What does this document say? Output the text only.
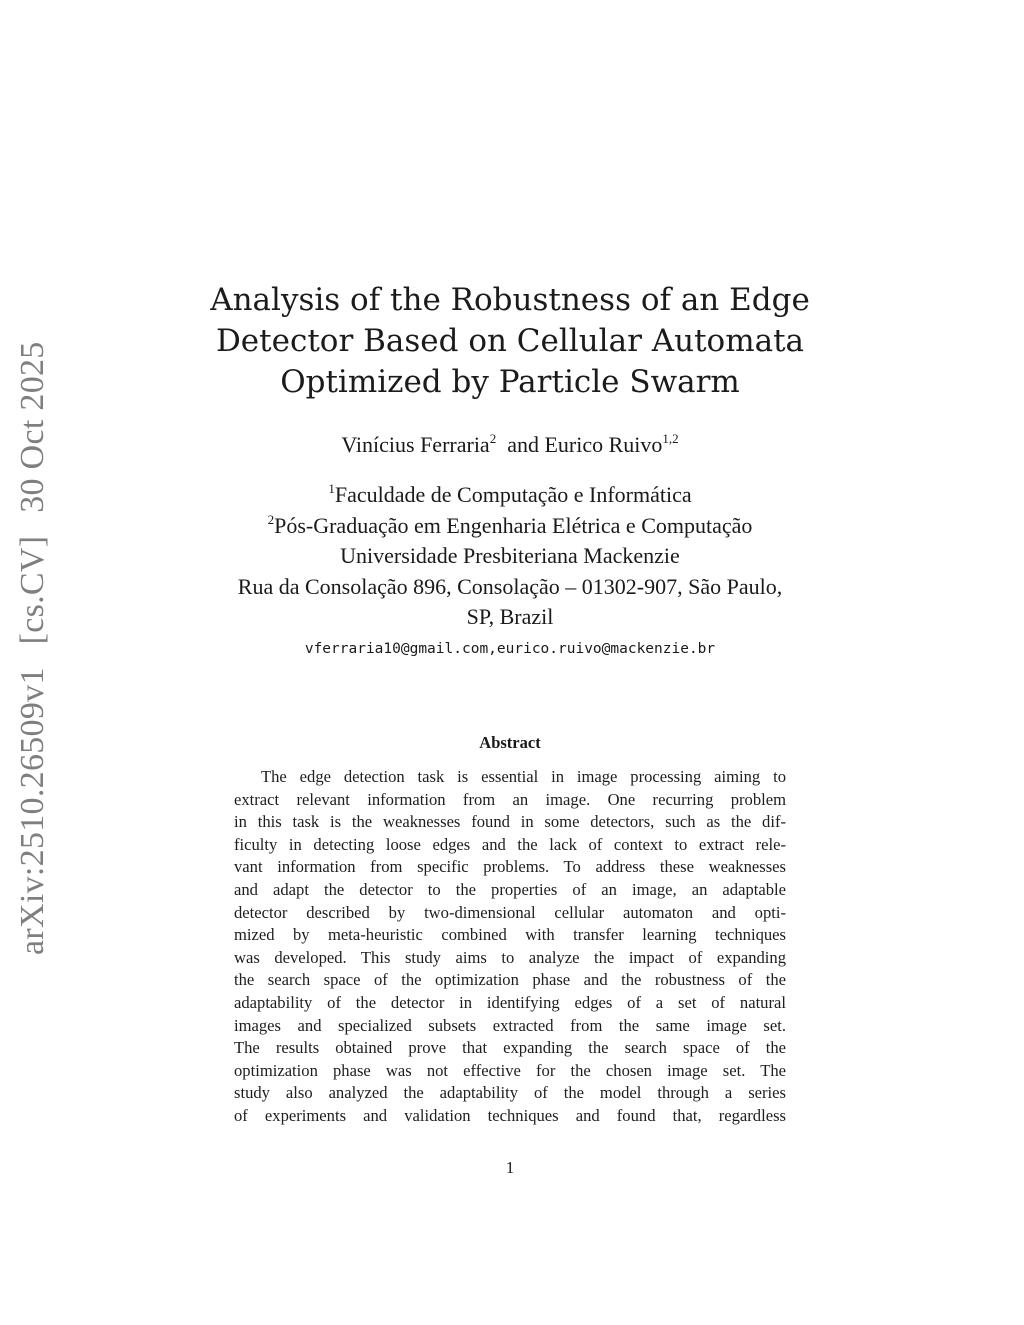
arXiv:2510.26509v1 [cs.CV] 30 Oct 2025
Analysis of the Robustness of an Edge
Detector Based on Cellular Automata
Optimized by Particle Swarm
Vinícius Ferraria$^2$ and Eurico Ruivo$^{1,2}$
$^1$Faculdade de Computação e Informática
$^2$Pós-Graduação em Engenharia Elétrica e Computação
Universidade Presbiteriana Mackenzie
Rua da Consolação 896, Consolação – 01302-907, São Paulo,
SP, Brazil
vferraria10@gmail.com,eurico.ruivo@mackenzie.br
Abstract
The edge detection task is essential in image processing aiming to
extract relevant information from an image. One recurring problem
in this task is the weaknesses found in some detectors, such as the dif-
ficulty in detecting loose edges and the lack of context to extract rele-
vant information from specific problems. To address these weaknesses
and adapt the detector to the properties of an image, an adaptable
detector described by two-dimensional cellular automaton and opti-
mized by meta-heuristic combined with transfer learning techniques
was developed. This study aims to analyze the impact of expanding
the search space of the optimization phase and the robustness of the
adaptability of the detector in identifying edges of a set of natural
images and specialized subsets extracted from the same image set.
The results obtained prove that expanding the search space of the
optimization phase was not effective for the chosen image set. The
study also analyzed the adaptability of the model through a series
of experiments and validation techniques and found that, regardless
1
